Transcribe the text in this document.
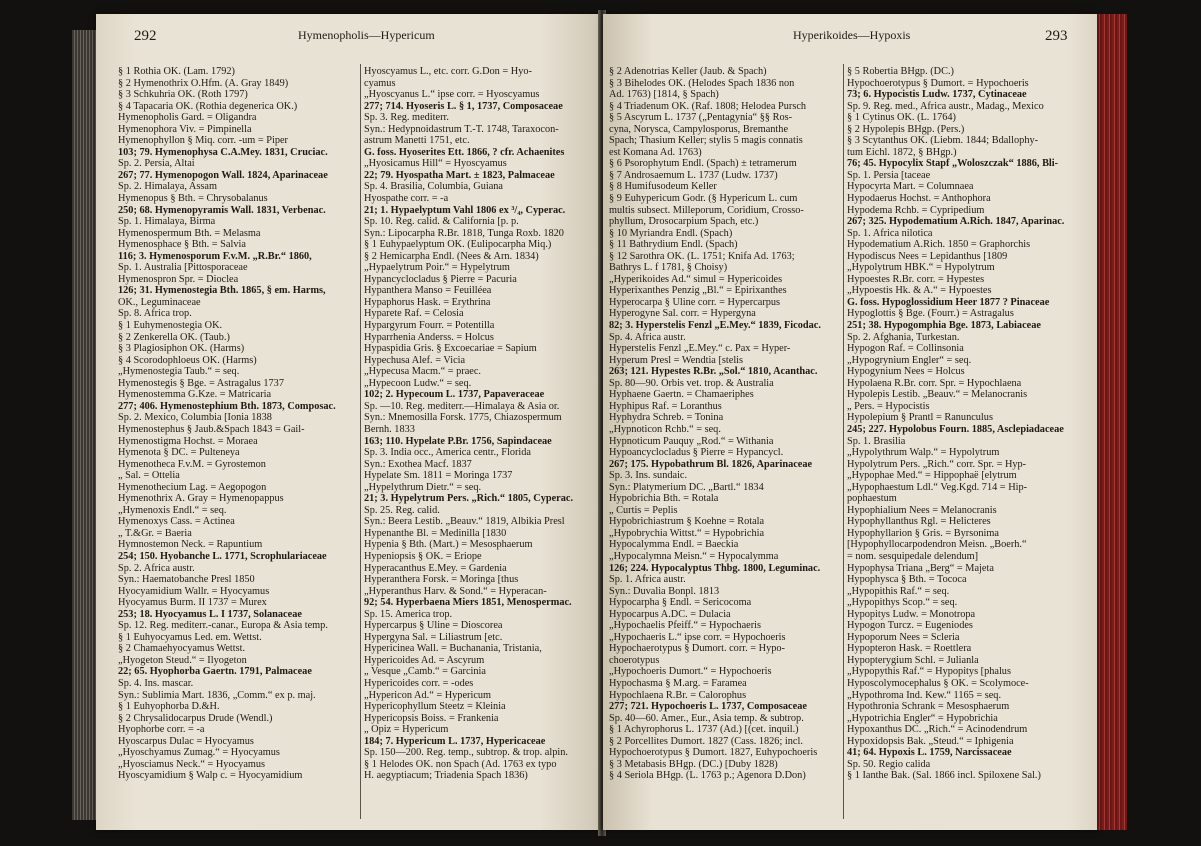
292	Hymenopholis—Hypericum
§ 1 Rothia OK. (Lam. 1792)
§ 2 Hymenothrix O.Hfm. (A. Gray 1849)
§ 3 Schkuhria OK. (Roth 1797)
§ 4 Tapacaria OK. (Rothia degenerica OK.)
Hymenopholis Gard. = Oligandra
Hymenophora Viv. = Pimpinella
Hymenophyllon § Miq. corr. -um = Piper
103; 79. Hymenophysa C.A.Mey. 1831, Cruciac.
Sp. 2. Persia, Altai
267; 77. Hymenopogon Wall. 1824, Aparinaceae
Sp. 2. Himalaya, Assam
Hymenopus § Bth. = Chrysobalanus
250; 68. Hymenopyramis Wall. 1831, Verbenac.
Sp. 1. Himalaya, Birma
Hymenospermum Bth. = Melasma
Hymenosphace § Bth. = Salvia
116; 3. Hymenosporum F.v.M. „R.Br.“ 1860,
Sp. 1. Australia [Pittosporaceae
Hymenospron Spr. = Dioclea
126; 31. Hymenostegia Bth. 1865, § em. Harms,
OK., Leguminaceae
Sp. 8. Africa trop.
§ 1 Euhymenostegia OK.
§ 2 Zenkerella OK. (Taub.)
§ 3 Plagiosiphon OK. (Harms)
§ 4 Scorodophloeus OK. (Harms)
„Hymenostegia Taub.“ = seq.
Hymenostegis § Bge. = Astragalus 1737
Hymenostemma G.Kze. = Matricaria
277; 406. Hymenostephium Bth. 1873, Composac.
Sp. 2. Mexico, Columbia [Ionia 1838
Hymenostephus § Jaub.&Spach 1843 = Gail-
Hymenostigma Hochst. = Moraea
Hymenota § DC. = Pulteneya
Hymenotheca F.v.M. = Gyrostemon
„ Sal. = Ottelia
Hymenothecium Lag. = Aegopogon
Hymenothrix A. Gray = Hymenopappus
„Hymenoxis Endl.“ = seq.
Hymenoxys Cass. = Actinea
„ T.&Gr. = Baeria
Hymnostemon Neck. = Rapuntium
254; 150. Hyobanche L. 1771, Scrophulariaceae
Sp. 2. Africa austr.
Syn.: Haematobanche Presl 1850
Hyocyamidium Wallr. = Hyocyamus
Hyocyamus Burm. II 1737 = Murex
253; 18. Hyocyamus L. I 1737, Solanaceae
Sp. 12. Reg. mediterr.-canar., Europa & Asia temp.
§ 1 Euhyocyamus Led. em. Wettst.
§ 2 Chamaehyocyamus Wettst.
„Hyogeton Steud.“ = Ilyogeton
22; 65. Hyophorba Gaertn. 1791, Palmaceae
Sp. 4. Ins. mascar.
Syn.: Sublimia Mart. 1836, „Comm.“ ex p. maj.
§ 1 Euhyophorba D.&H.
§ 2 Chrysalidocarpus Drude (Wendl.)
Hyophorbe corr. = -a
Hyoscarpus Dulac = Hyocyamus
„Hyoschyamus Zumag.“ = Hyocyamus
„Hyosciamus Neck.“ = Hyocyamus
Hyoscyamidium § Walp c. = Hyocyamidium
Hyoscyamus L., etc. corr. G.Don = Hyo-
cyamus
„Hyoscyanus L.“ ipse corr. = Hyoscyamus
277; 714. Hyoseris L. § 1, 1737, Composaceae
Sp. 3. Reg. mediterr.
Syn.: Hedypnoidastrum T.-T. 1748, Taraxocon-
astrum Manetti 1751, etc.
G. foss. Hyoserites Ett. 1866, ? cfr. Achaenites
„Hyosicamus Hill“ = Hyoscyamus
22; 79. Hyospatha Mart. ± 1823, Palmaceae
Sp. 4. Brasilia, Columbia, Guiana
Hyospathe corr. = -a
21; 1. Hypaelyptum Vahl 1806 ex ³/₄, Cyperac.
Sp. 10. Reg. calid. & California [p. p.
Syn.: Lipocarpha R.Br. 1818, Tunga Roxb. 1820
§ 1 Euhypaelyptum OK. (Eulipocarpha Miq.)
§ 2 Hemicarpha Endl. (Nees & Arn. 1834)
„Hypaelytrum Poir.“ = Hypelytrum
Hypancyclocladus § Pierre = Pacuria
Hypanthera Manso = Feuilléea
Hypaphorus Hask. = Erythrina
Hyparete Raf. = Celosia
Hypargyrum Fourr. = Potentilla
Hyparrhenia Anderss. = Holcus
Hypaspidia Gris. § Excoecariae = Sapium
Hypechusa Alef. = Vicia
„Hypecusa Macm.“ = praec.
„Hypecoon Ludw.“ = seq.
102; 2. Hypecoum L. 1737, Papaveraceae
Sp. —10. Reg. mediterr.—Himalaya & Asia or.
Syn.: Mnemosilla Forsk. 1775, Chiazospermum
Bernh. 1833
163; 110. Hypelate P.Br. 1756, Sapindaceae
Sp. 3. India occ., America centr., Florida
Syn.: Exothea Macf. 1837
Hypelate Sm. 1811 = Moringa 1737
„Hypelythrum Dietr.“ = seq.
21; 3. Hypelytrum Pers. „Rich.“ 1805, Cyperac.
Sp. 25. Reg. calid.
Syn.: Beera Lestib. „Beauv.“ 1819, Albikia Presl
Hypenanthe Bl. = Medinilla [1830
Hypenia § Bth. (Mart.) = Mesosphaerum
Hypeniopsis § OK. = Eriope
Hyperacanthus E.Mey. = Gardenia
Hyperanthera Forsk. = Moringa [thus
„Hyperanthus Harv. & Sond.“ = Hyperacan-
92; 54. Hyperbaena Miers 1851, Menospermac.
Sp. 15. America trop.
Hypercarpus § Uline = Dioscorea
Hypergyna Sal. = Liliastrum [etc.
Hypericinea Wall. = Buchanania, Tristania,
Hypericoides Ad. = Ascyrum
„ Vesque „Camb.“ = Garcinia
Hypericoides corr. = -odes
„Hypericon Ad.“ = Hypericum
Hypericophyllum Steetz = Kleinia
Hypericopsis Boiss. = Frankenia
„ Opiz = Hypericum
184; 7. Hypericum L. 1737, Hypericaceae
Sp. 150—200. Reg. temp., subtrop. & trop. alpin.
§ 1 Helodes OK. non Spach (Ad. 1763 ex typo
H. aegyptiacum; Triadenia Spach 1836)
Hyperikoides—Hypoxis	293
§ 2 Adenotrias Keller (Jaub. & Spach)
§ 3 Bihelodes OK. (Helodes Spach 1836 non
Ad. 1763) [1814, § Spach)
§ 4 Triadenum OK. (Raf. 1808; Helodea Pursch
§ 5 Ascyrum L. 1737 („Pentagynia“ §§ Ros-
cyna, Norysca, Campylosporus, Bremanthe
Spach; Thasium Keller; stylis 5 magis connatis
est Komana Ad. 1763)
§ 6 Psorophytum Endl. (Spach) ± tetramerum
§ 7 Androsaemum L. 1737 (Ludw. 1737)
§ 8 Humifusodeum Keller
§ 9 Euhypericum Godr. (§ Hypericum L. cum
multis subsect. Milleporum, Coridium, Crosso-
phyllum, Drosocarpium Spach, etc.)
§ 10 Myriandra Endl. (Spach)
§ 11 Bathrydium Endl. (Spach)
§ 12 Sarothra OK. (L. 1751; Knifa Ad. 1763;
Bathrys L. f 1781, § Choisy)
„Hyperikoides Ad.“ simul = Hypericoides
Hyperixanthes Penzig „Bl.“ = Epirixanthes
Hyperocarpa § Uline corr. = Hypercarpus
Hyperogyne Sal. corr. = Hypergyna
82; 3. Hyperstelis Fenzl „E.Mey.“ 1839, Ficodac.
Sp. 4. Africa austr.
Hyperstelis Fenzl „E.Mey.“ c. Pax = Hyper-
Hyperum Presl = Wendtia [stelis
263; 121. Hypestes R.Br. „Sol.“ 1810, Acanthac.
Sp. 80—90. Orbis vet. trop. & Australia
Hyphaene Gaertn. = Chamaeriphes
Hyphipus Raf. = Loranthus
Hyphydra Schreb. = Tonina
„Hypnoticon Rchb.“ = seq.
Hypnoticum Pauquy „Rod.“ = Withania
Hypoancyclocladus § Pierre = Hypancycl.
267; 175. Hypobathrum Bl. 1826, Aparinaceae
Sp. 3. Ins. sundaic.
Syn.: Platymerium DC. „Bartl.“ 1834
Hypobrichia Bth. = Rotala
„ Curtis = Peplis
Hypobrichiastrum § Koehne = Rotala
„Hypobrychia Wittst.“ = Hypobrichia
Hypocalymma Endl. = Baeckia
„Hypocalymna Meisn.“ = Hypocalymma
126; 224. Hypocalyptus Thbg. 1800, Leguminac.
Sp. 1. Africa austr.
Syn.: Duvalia Bonpl. 1813
Hypocarpha § Endl. = Sericocoma
Hypocarpus A.DC. = Dulacia
„Hypochaelis Pfeiff.“ = Hypochaeris
„Hypochaeris L.“ ipse corr. = Hypochoeris
Hypochaerotypus § Dumort. corr. = Hypo-
choerotypus
„Hypochoeris Dumort.“ = Hypochoeris
Hypochasma § M.arg. = Faramea
Hypochlaena R.Br. = Calorophus
277; 721. Hypochoeris L. 1737, Composaceae
Sp. 40—60. Amer., Eur., Asia temp. & subtrop.
§ 1 Achyrophorus L. 1737 (Ad.) [(cet. inquil.)
§ 2 Porcellites Dumort. 1827 (Cass. 1826; incl.
Hypochoerotypus § Dumort. 1827, Euhypochoeris
§ 3 Metabasis BHgp. (DC.) [Duby 1828)
§ 4 Seriola BHgp. (L. 1763 p.; Agenora D.Don)
§ 5 Robertia BHgp. (DC.)
Hypochoerotypus § Dumort. = Hypochoeris
73; 6. Hypocistis Ludw. 1737, Cytinaceae
Sp. 9. Reg. med., Africa austr., Madag., Mexico
§ 1 Cytinus OK. (L. 1764)
§ 2 Hypolepis BHgp. (Pers.)
§ 3 Scytanthus OK. (Liebm. 1844; Bdallophy-
tum Eichl. 1872, § BHgp.)
76; 45. Hypocylix Stapf „Woloszczak“ 1886, Bli-
Sp. 1. Persia [taceae
Hypocyrta Mart. = Columnaea
Hypodaerus Hochst. = Anthophora
Hypodema Rchb. = Cypripedium
267; 325. Hypodematium A.Rich. 1847, Aparinac.
Sp. 1. Africa nilotica
Hypodematium A.Rich. 1850 = Graphorchis
Hypodiscus Nees = Lepidanthus [1809
„Hypolytrum HBK.“ = Hypolytrum
Hypoestes R.Br. corr. = Hypestes
„Hypoestis Hk. & A.“ = Hypoestes
G. foss. Hypoglossidium Heer 1877 ? Pinaceae
Hypoglottis § Bge. (Fourr.) = Astragalus
251; 38. Hypogomphia Bge. 1873, Labiaceae
Sp. 2. Afghania, Turkestan.
Hypogon Raf. = Collinsonia
„Hypogrynium Engler“ = seq.
Hypogynium Nees = Holcus
Hypolaena R.Br. corr. Spr. = Hypochlaena
Hypolepis Lestib. „Beauv.“ = Melanocranis
„ Pers. = Hypocistis
Hypolepium § Prantl = Ranunculus
245; 227. Hypolobus Fourn. 1885, Asclepiadaceae
Sp. 1. Brasilia
„Hypolythrum Walp.“ = Hypolytrum
Hypolytrum Pers. „Rich.“ corr. Spr. = Hyp-
„Hypophae Med.“ = Hippophaë [elytrum
„Hypophaestum Ldl.“ Veg.Kgd. 714 = Hip-
pophaestum
Hypophialium Nees = Melanocranis
Hypophyllanthus Rgl. = Helicteres
Hypophyllarion § Gris. = Byrsonima
[Hypophyllocarpodendron Meisn. „Boerh.“
= nom. sesquipedale delendum]
Hypophysa Triana „Berg“ = Majeta
Hypophysca § Bth. = Tococa
„Hypopithis Raf.“ = seq.
„Hypopithys Scop.“ = seq.
Hypopitys Ludw. = Monotropa
Hypogon Turcz. = Eugeniodes
Hypoporum Nees = Scleria
Hypopteron Hask. = Roettlera
Hypopterygium Schl. = Julianla
„Hypopythis Raf.“ = Hypopitys [phalus
Hyposcolymocephalus § OK. = Scolymoce-
„Hypothroma Ind. Kew.“ 1165 = seq.
Hypothronia Schrank = Mesosphaerum
„Hypotrichia Engler“ = Hypobrichia
Hypoxanthus DC. „Rich.“ = Acinodendrum
Hypoxidopsis Bak. „Steud.“ = Iphigenia
41; 64. Hypoxis L. 1759, Narcissaceae
Sp. 50. Regio calida
§ 1 Ianthe Bak. (Sal. 1866 incl. Spiloxene Sal.)
